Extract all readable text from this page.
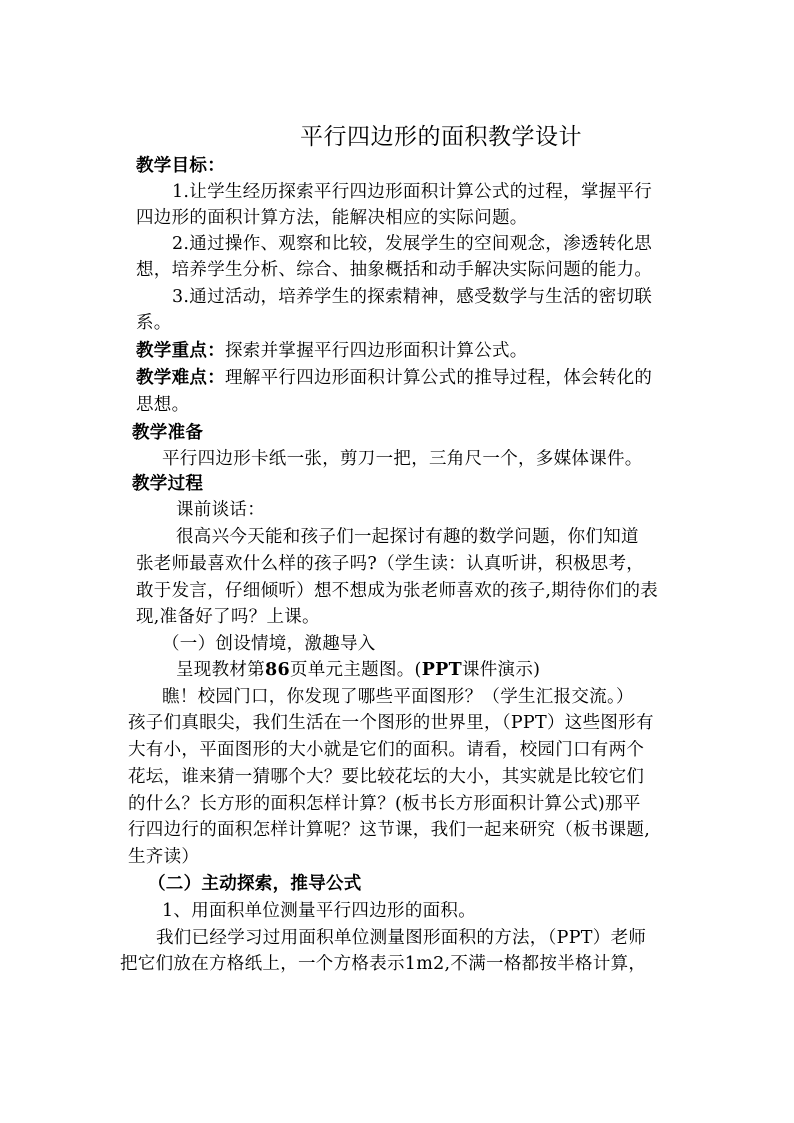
平行四边形的面积教学设计
教学目标：
1.让学生经历探索平行四边形面积计算公式的过程，掌握平行
四边形的面积计算方法，能解决相应的实际问题。
2.通过操作、观察和比较，发展学生的空间观念，渗透转化思
想，培养学生分析、综合、抽象概括和动手解决实际问题的能力。
3.通过活动，培养学生的探索精神，感受数学与生活的密切联
系。
教学重点：探索并掌握平行四边形面积计算公式。
教学难点：理解平行四边形面积计算公式的推导过程，体会转化的
思想。
教学准备
平行四边形卡纸一张，剪刀一把，三角尺一个，多媒体课件。
教学过程
课前谈话：
很高兴今天能和孩子们一起探讨有趣的数学问题，你们知道
张老师最喜欢什么样的孩子吗?（学生读：认真听讲，积极思考，
敢于发言，仔细倾听）想不想成为张老师喜欢的孩子,期待你们的表
现,准备好了吗？上课。
（一）创设情境，激趣导入
呈现教材第86页单元主题图。(PPT课件演示)
瞧！校园门口，你发现了哪些平面图形？（学生汇报交流。）
孩子们真眼尖，我们生活在一个图形的世界里，（PPT）这些图形有
大有小，平面图形的大小就是它们的面积。请看，校园门口有两个
花坛，谁来猜一猜哪个大？要比较花坛的大小，其实就是比较它们
的什么？长方形的面积怎样计算？(板书长方形面积计算公式)那平
行四边行的面积怎样计算呢？这节课，我们一起来研究（板书课题,
生齐读）
（二）主动探索，推导公式
1、用面积单位测量平行四边形的面积。
我们已经学习过用面积单位测量图形面积的方法，（PPT）老师
把它们放在方格纸上，一个方格表示1m2,不满一格都按半格计算，
